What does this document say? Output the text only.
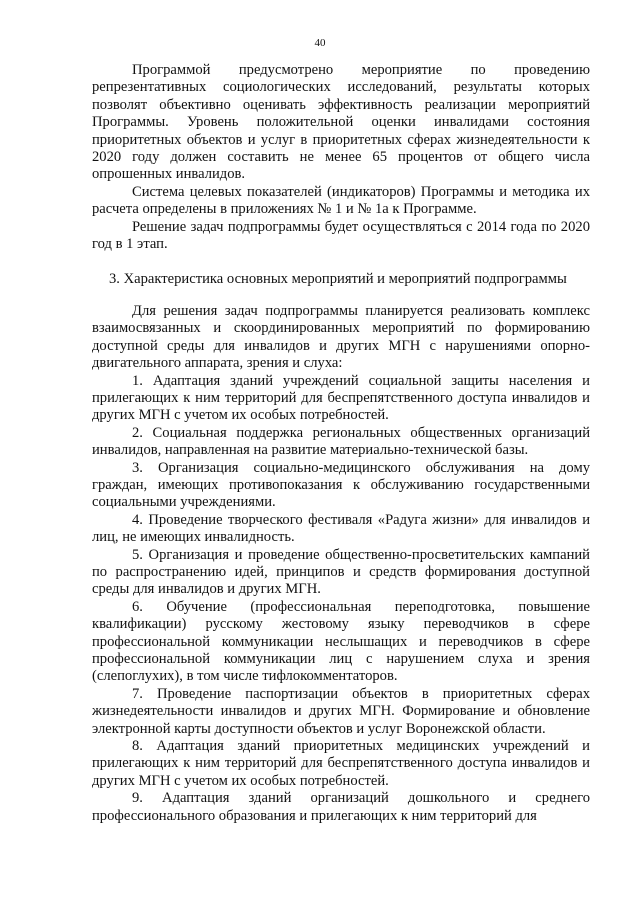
40

Программой предусмотрено мероприятие по проведению репрезентативных социологических исследований, результаты которых позволят объективно оценивать эффективность реализации мероприятий Программы. Уровень положительной оценки инвалидами состояния приоритетных объектов и услуг в приоритетных сферах жизнедеятельности к 2020 году должен составить не менее 65 процентов от общего числа опрошенных инвалидов.

Система целевых показателей (индикаторов) Программы и методика их расчета определены в приложениях № 1 и № 1а к Программе.

Решение задач подпрограммы будет осуществляться с 2014 года по 2020 год в 1 этап.

3. Характеристика основных мероприятий и мероприятий подпрограммы

Для решения задач подпрограммы планируется реализовать комплекс взаимосвязанных и скоординированных мероприятий по формированию доступной среды для инвалидов и других МГН с нарушениями опорно-двигательного аппарата, зрения и слуха:

1. Адаптация зданий учреждений социальной защиты населения и прилегающих к ним территорий для беспрепятственного доступа инвалидов и других МГН с учетом их особых потребностей.

2. Социальная поддержка региональных общественных организаций инвалидов, направленная на развитие материально-технической базы.

3. Организация социально-медицинского обслуживания на дому граждан, имеющих противопоказания к обслуживанию государственными социальными учреждениями.

4. Проведение творческого фестиваля «Радуга жизни» для инвалидов и лиц, не имеющих инвалидность.

5. Организация и проведение общественно-просветительских кампаний по распространению идей, принципов и средств формирования доступной среды для инвалидов и других МГН.

6. Обучение (профессиональная переподготовка, повышение квалификации) русскому жестовому языку переводчиков в сфере профессиональной коммуникации неслышащих и переводчиков в сфере профессиональной коммуникации лиц с нарушением слуха и зрения (слепоглухих), в том числе тифлокомментаторов.

7. Проведение паспортизации объектов в приоритетных сферах жизнедеятельности инвалидов и других МГН. Формирование и обновление электронной карты доступности объектов и услуг Воронежской области.

8. Адаптация зданий приоритетных медицинских учреждений и прилегающих к ним территорий для беспрепятственного доступа инвалидов и других МГН с учетом их особых потребностей.

9. Адаптация зданий организаций дошкольного и среднего профессионального образования и прилегающих к ним территорий для
